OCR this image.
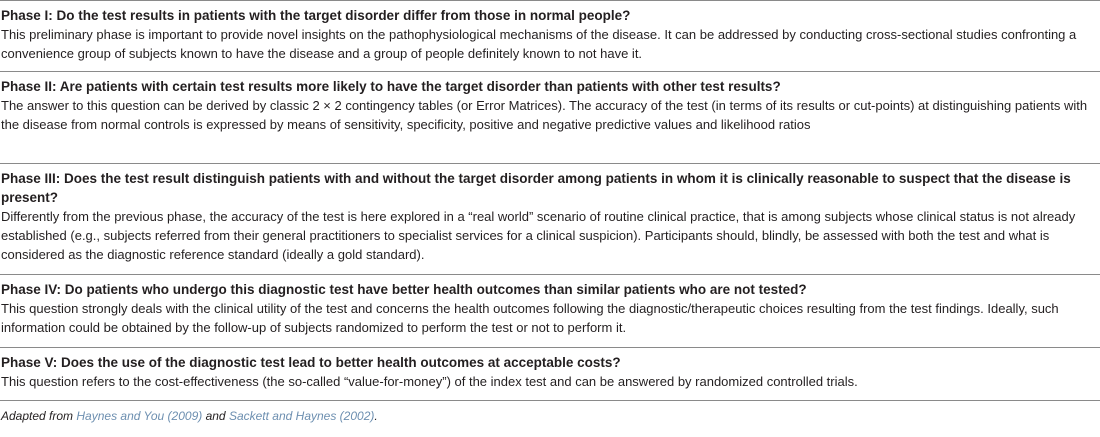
Phase I: Do the test results in patients with the target disorder differ from those in normal people?

This preliminary phase is important to provide novel insights on the pathophysiological mechanisms of the disease. It can be addressed by conducting cross-sectional studies confronting a convenience group of subjects known to have the disease and a group of people definitely known to not have it.

Phase II: Are patients with certain test results more likely to have the target disorder than patients with other test results?

The answer to this question can be derived by classic 2 × 2 contingency tables (or Error Matrices). The accuracy of the test (in terms of its results or cut-points) at distinguishing patients with the disease from normal controls is expressed by means of sensitivity, specificity, positive and negative predictive values and likelihood ratios

Phase III: Does the test result distinguish patients with and without the target disorder among patients in whom it is clinically reasonable to suspect that the disease is present?

Differently from the previous phase, the accuracy of the test is here explored in a “real world” scenario of routine clinical practice, that is among subjects whose clinical status is not already established (e.g., subjects referred from their general practitioners to specialist services for a clinical suspicion). Participants should, blindly, be assessed with both the test and what is considered as the diagnostic reference standard (ideally a gold standard).

Phase IV: Do patients who undergo this diagnostic test have better health outcomes than similar patients who are not tested?

This question strongly deals with the clinical utility of the test and concerns the health outcomes following the diagnostic/therapeutic choices resulting from the test findings. Ideally, such information could be obtained by the follow-up of subjects randomized to perform the test or not to perform it.

Phase V: Does the use of the diagnostic test lead to better health outcomes at acceptable costs?

This question refers to the cost-effectiveness (the so-called “value-for-money”) of the index test and can be answered by randomized controlled trials.

Adapted from Haynes and You (2009) and Sackett and Haynes (2002).
